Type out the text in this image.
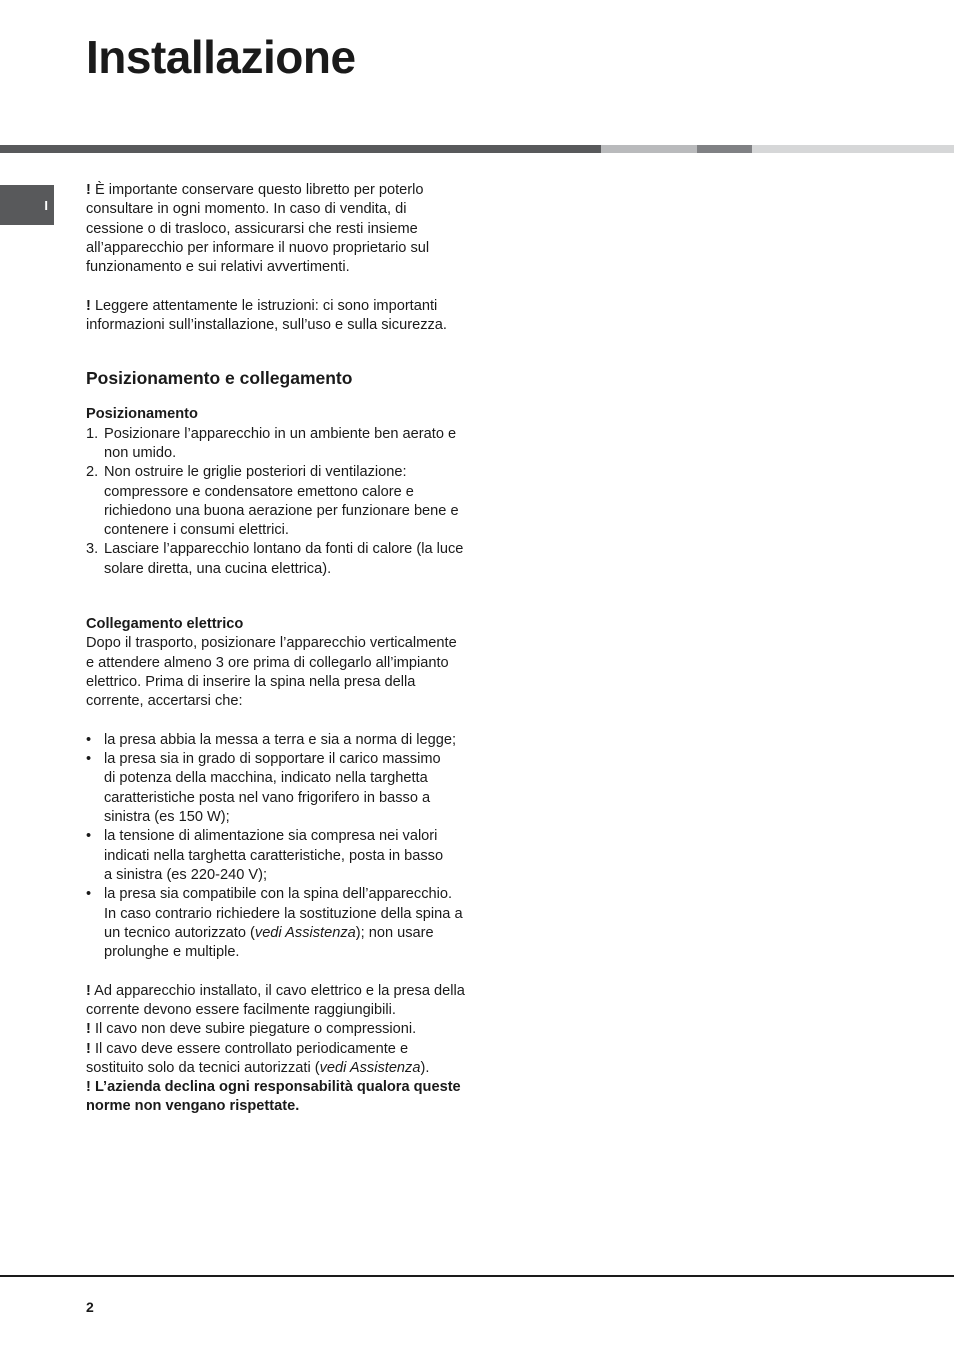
Installazione
I

! È importante conservare questo libretto per poterlo consultare in ogni momento. In caso di vendita, di cessione o di trasloco, assicurarsi che resti insieme all’apparecchio per informare il nuovo proprietario sul funzionamento e sui relativi avvertimenti.

! Leggere attentamente le istruzioni: ci sono importanti informazioni sull’installazione, sull’uso e sulla sicurezza.

Posizionamento e collegamento
Posizionamento
1. Posizionare l’apparecchio in un ambiente ben aerato e non umido.
2. Non ostruire le griglie posteriori di ventilazione: compressore e condensatore emettono calore e richiedono una buona aerazione per funzionare bene e contenere i consumi elettrici.
3. Lasciare l’apparecchio lontano da fonti di calore (la luce solare diretta, una cucina elettrica).
Collegamento elettrico

Dopo il trasporto, posizionare l’apparecchio verticalmente e attendere almeno 3 ore prima di collegarlo all’impianto elettrico. Prima di inserire la spina nella presa della corrente, accertarsi che:

• la presa abbia la messa a terra e sia a norma di legge;
• la presa sia in grado di sopportare il carico massimo
di potenza della macchina, indicato nella targhetta caratteristiche posta nel vano frigorifero in basso a sinistra (es 150 W);
• la tensione di alimentazione sia compresa nei valori indicati nella targhetta caratteristiche, posta in basso
a sinistra (es 220-240 V);
• la presa sia compatibile con la spina dell’apparecchio.
In caso contrario richiedere la sostituzione della spina a un tecnico autorizzato (vedi Assistenza); non usare prolunghe e multiple.

! Ad apparecchio installato, il cavo elettrico e la presa della corrente devono essere facilmente raggiungibili.

! Il cavo non deve subire piegature o compressioni.

! Il cavo deve essere controllato periodicamente e sostituito solo da tecnici autorizzati (vedi Assistenza).

! L’azienda declina ogni responsabilità qualora queste norme non vengano rispettate.

2
